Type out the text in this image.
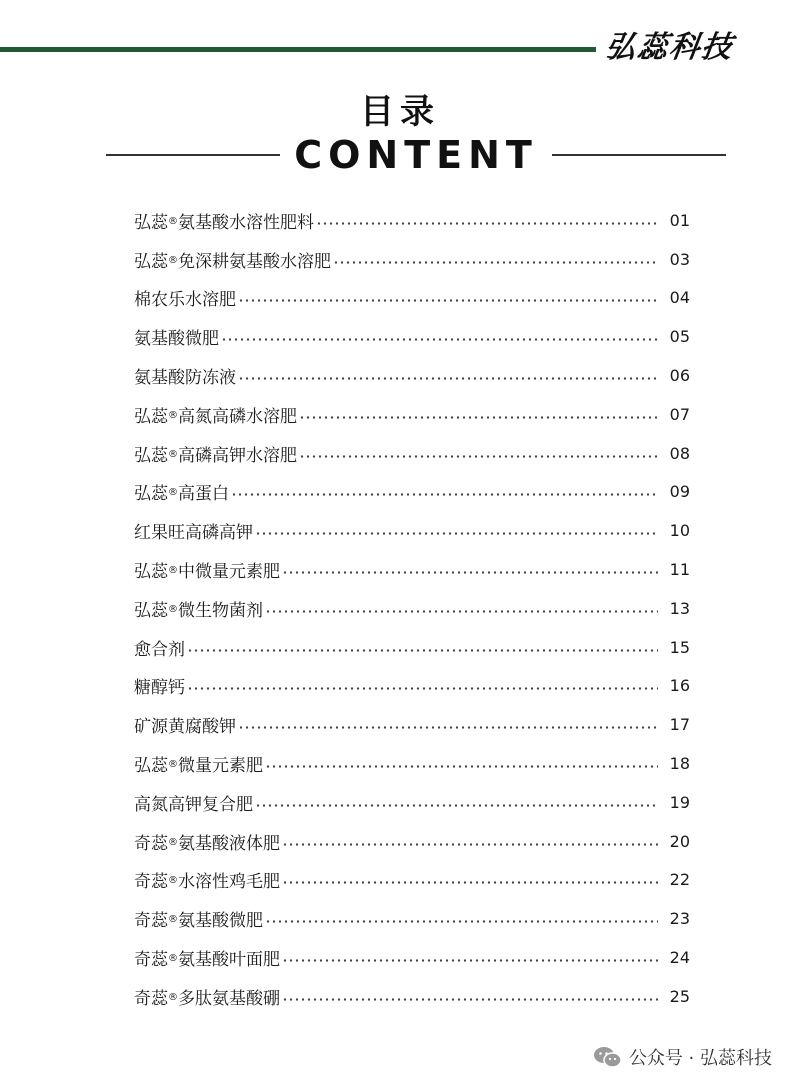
弘蕊科技
目录
CONTENT
弘蕊®氨基酸水溶性肥料	01
弘蕊®免深耕氨基酸水溶肥	03
棉农乐水溶肥	04
氨基酸微肥	05
氨基酸防冻液	06
弘蕊®高氮高磷水溶肥	07
弘蕊®高磷高钾水溶肥	08
弘蕊®高蛋白	09
红果旺高磷高钾	10
弘蕊®中微量元素肥	11
弘蕊®微生物菌剂	13
愈合剂	15
糖醇钙	16
矿源黄腐酸钾	17
弘蕊®微量元素肥	18
高氮高钾复合肥	19
奇蕊®氨基酸液体肥	20
奇蕊®水溶性鸡毛肥	22
奇蕊®氨基酸微肥	23
奇蕊®氨基酸叶面肥	24
奇蕊®多肽氨基酸硼	25
公众号 · 弘蕊科技
